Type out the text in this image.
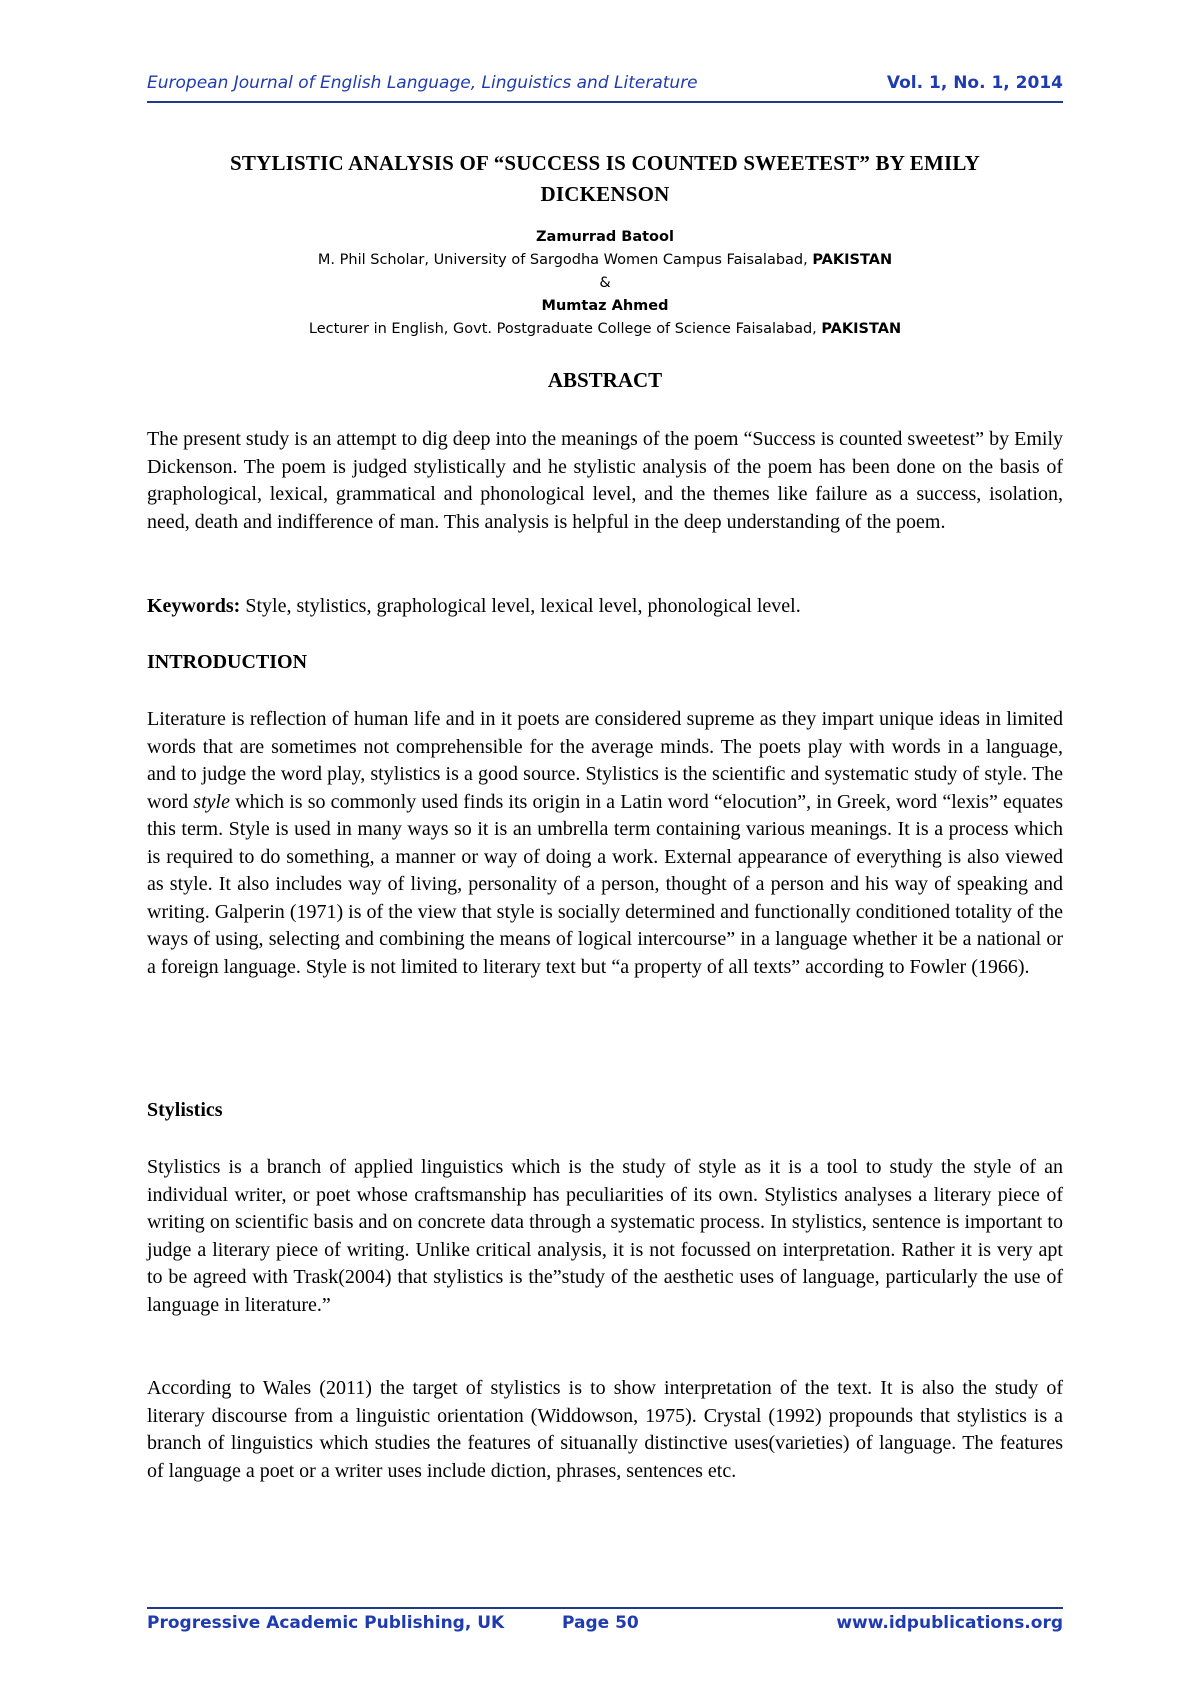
European Journal of English Language, Linguistics and Literature	Vol. 1, No. 1, 2014
STYLISTIC ANALYSIS OF “SUCCESS IS COUNTED SWEETEST” BY EMILY
DICKENSON
Zamurrad Batool
M. Phil Scholar, University of Sargodha Women Campus Faisalabad, PAKISTAN
&
Mumtaz Ahmed
Lecturer in English, Govt. Postgraduate College of Science Faisalabad, PAKISTAN
ABSTRACT
The present study is an attempt to dig deep into the meanings of the poem “Success is counted sweetest” by Emily Dickenson. The poem is judged stylistically and he stylistic analysis of the poem has been done on the basis of graphological, lexical, grammatical and phonological level, and the themes like failure as a success, isolation, need, death and indifference of man. This analysis is helpful in the deep understanding of the poem.
Keywords: Style, stylistics, graphological level, lexical level, phonological level.
INTRODUCTION
Literature is reflection of human life and in it poets are considered supreme as they impart unique ideas in limited words that are sometimes not comprehensible for the average minds. The poets play with words in a language, and to judge the word play, stylistics is a good source. Stylistics is the scientific and systematic study of style. The word style which is so commonly used finds its origin in a Latin word “elocution”, in Greek, word “lexis” equates this term. Style is used in many ways so it is an umbrella term containing various meanings. It is a process which is required to do something, a manner or way of doing a work. External appearance of everything is also viewed as style. It also includes way of living, personality of a person, thought of a person and his way of speaking and writing. Galperin (1971) is of the view that style is socially determined and functionally conditioned totality of the ways of using, selecting and combining the means of logical intercourse” in a language whether it be a national or a foreign language. Style is not limited to literary text but “a property of all texts” according to Fowler (1966).
Stylistics
Stylistics is a branch of applied linguistics which is the study of style as it is a tool to study the style of an individual writer, or poet whose craftsmanship has peculiarities of its own. Stylistics analyses a literary piece of writing on scientific basis and on concrete data through a systematic process. In stylistics, sentence is important to judge a literary piece of writing. Unlike critical analysis, it is not focussed on interpretation. Rather it is very apt to be agreed with Trask(2004) that stylistics is the”study of the aesthetic uses of language, particularly the use of language in literature.”
According to Wales (2011) the target of stylistics is to show interpretation of the text. It is also the study of literary discourse from a linguistic orientation (Widdowson, 1975). Crystal (1992) propounds that stylistics is a branch of linguistics which studies the features of situanally distinctive uses(varieties) of language. The features of language a poet or a writer uses include diction, phrases, sentences etc.
Progressive Academic Publishing, UK	Page 50	www.idpublications.org
